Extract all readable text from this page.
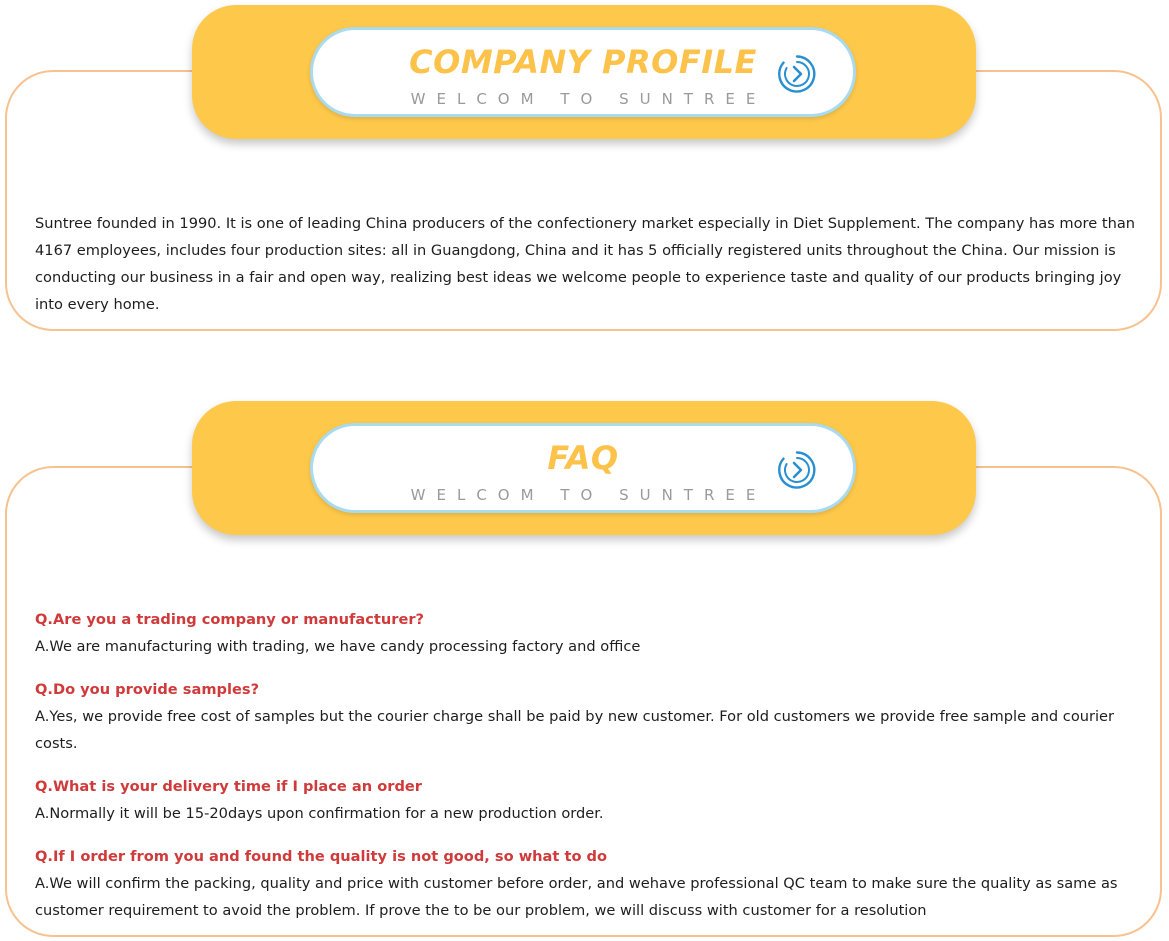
COMPANY PROFILE
WELCOM TO SUNTREE

Suntree founded in 1990. It is one of leading China producers of the confectionery market especially in Diet Supplement. The company has more than 4167 employees, includes four production sites: all in Guangdong, China and it has 5 officially registered units throughout the China. Our mission is conducting our business in a fair and open way, realizing best ideas we welcome people to experience taste and quality of our products bringing joy into every home.

FAQ
WELCOM TO SUNTREE

Q.Are you a trading company or manufacturer?

A.We are manufacturing with trading, we have candy processing factory and office

Q.Do you provide samples?

A.Yes, we provide free cost of samples but the courier charge shall be paid by new customer. For old customers we provide free sample and courier costs.

Q.What is your delivery time if I place an order

A.Normally it will be 15-20days upon confirmation for a new production order.

Q.If I order from you and found the quality is not good, so what to do

A.We will confirm the packing, quality and price with customer before order, and wehave professional QC team to make sure the quality as same as customer requirement to avoid the problem. If prove the to be our problem, we will discuss with customer for a resolution
